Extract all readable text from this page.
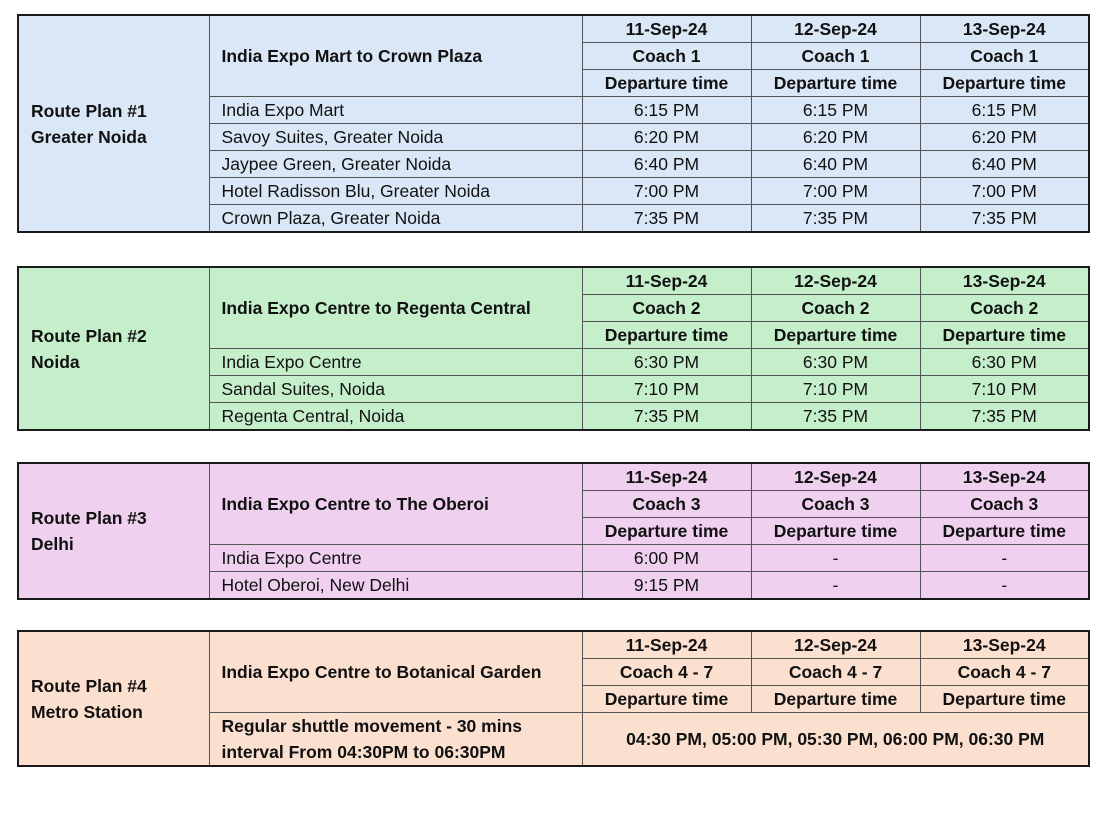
Route Plan #1
Greater Noida	India Expo Mart to Crown Plaza	11-Sep-24	12-Sep-24	13-Sep-24
		Coach 1	Coach 1	Coach 1
		Departure time	Departure time	Departure time
	India Expo Mart	6:15 PM	6:15 PM	6:15 PM
	Savoy Suites, Greater Noida	6:20 PM	6:20 PM	6:20 PM
	Jaypee Green, Greater Noida	6:40 PM	6:40 PM	6:40 PM
	Hotel Radisson Blu, Greater Noida	7:00 PM	7:00 PM	7:00 PM
	Crown Plaza, Greater Noida	7:35 PM	7:35 PM	7:35 PM
Route Plan #2
Noida	India Expo Centre to Regenta Central	11-Sep-24	12-Sep-24	13-Sep-24
		Coach 2	Coach 2	Coach 2
		Departure time	Departure time	Departure time
	India Expo Centre	6:30 PM	6:30 PM	6:30 PM
	Sandal Suites, Noida	7:10 PM	7:10 PM	7:10 PM
	Regenta Central, Noida	7:35 PM	7:35 PM	7:35 PM
Route Plan #3
Delhi	India Expo Centre to The Oberoi	11-Sep-24	12-Sep-24	13-Sep-24
		Coach 3	Coach 3	Coach 3
		Departure time	Departure time	Departure time
	India Expo Centre	6:00 PM	-	-
	Hotel Oberoi, New Delhi	9:15 PM	-	-
Route Plan #4
Metro Station	India Expo Centre to Botanical Garden	11-Sep-24	12-Sep-24	13-Sep-24
		Coach 4 - 7	Coach 4 - 7	Coach 4 - 7
		Departure time	Departure time	Departure time

	Regular shuttle movement - 30 mins
interval From 04:30PM to 06:30PM	04:30 PM, 05:00 PM, 05:30 PM, 06:00 PM, 06:30 PM		
